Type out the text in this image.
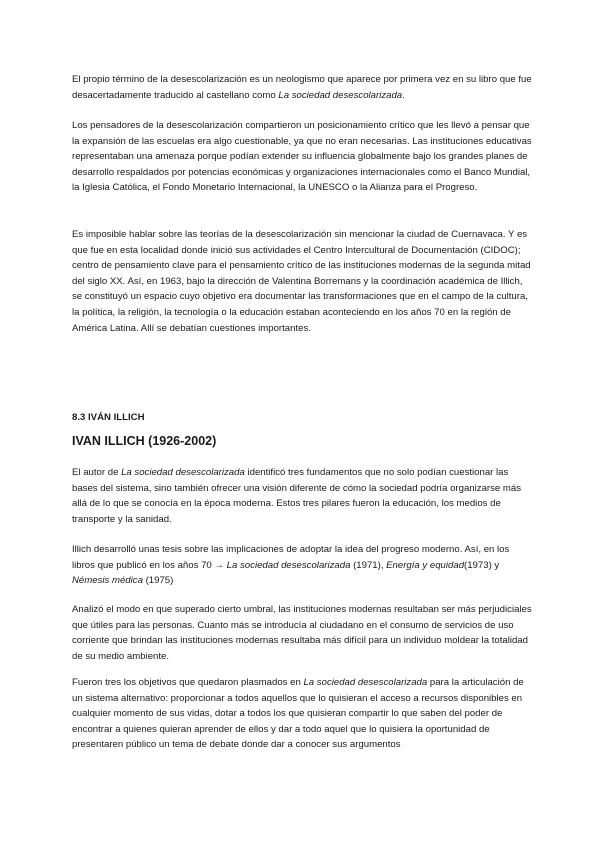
El propio término de la desescolarización es un neologismo que aparece por primera vez en su libro que fue desacertadamente traducido al castellano como La sociedad desescolarizada.

Los pensadores de la desescolarización compartieron un posicionamiento crítico que les llevó a pensar que la expansión de las escuelas era algo cuestionable, ya que no eran necesarias. Las instituciones educativas representaban una amenaza porque podían extender su influencia globalmente bajo los grandes planes de desarrollo respaldados por potencias económicas y organizaciones internacionales como el Banco Mundial, la Iglesia Católica, el Fondo Monetario Internacional, la UNESCO o la Alianza para el Progreso.

Es imposible hablar sobre las teorías de la desescolarización sin mencionar la ciudad de Cuernavaca. Y es que fue en esta localidad donde inició sus actividades el Centro Intercultural de Documentación (CIDOC); centro de pensamiento clave para el pensamiento crítico de las instituciones modernas de la segunda mitad del siglo XX. Así, en 1963, bajo la dirección de Valentina Borremans y la coordinación académica de Illich, se constituyó un espacio cuyo objetivo era documentar las transformaciones que en el campo de la cultura, la política, la religión, la tecnología o la educación estaban aconteciendo en los años 70 en la región de América Latina. Allí se debatían cuestiones importantes.

8.3 IVÁN ILLICH

IVAN ILLICH (1926-2002)

El autor de La sociedad desescolarizada identificó tres fundamentos que no solo podían cuestionar las bases del sistema, sino también ofrecer una visión diferente de cómo la sociedad podría organizarse más allá de lo que se conocía en la época moderna. Estos tres pilares fueron la educación, los medios de transporte y la sanidad.

Illich desarrolló unas tesis sobre las implicaciones de adoptar la idea del progreso moderno. Así, en los libros que publicó en los años 70 → La sociedad desescolarizada (1971), Energía y equidad(1973) y Némesis médica (1975)

Analizó el modo en que superado cierto umbral, las instituciones modernas resultaban ser más perjudiciales que útiles para las personas. Cuanto más se introducía al ciudadano en el consumo de servicios de uso corriente que brindan las instituciones modernas resultaba más difícil para un individuo moldear la totalidad de su medio ambiente.

Fueron tres los objetivos que quedaron plasmados en La sociedad desescolarizada para la articulación de un sistema alternativo: proporcionar a todos aquellos que lo quisieran el acceso a recursos disponibles en cualquier momento de sus vidas, dotar a todos los que quisieran compartir lo que saben del poder de encontrar a quienes quieran aprender de ellos y dar a todo aquel que lo quisiera la oportunidad de presentaren público un tema de debate donde dar a conocer sus argumentos
